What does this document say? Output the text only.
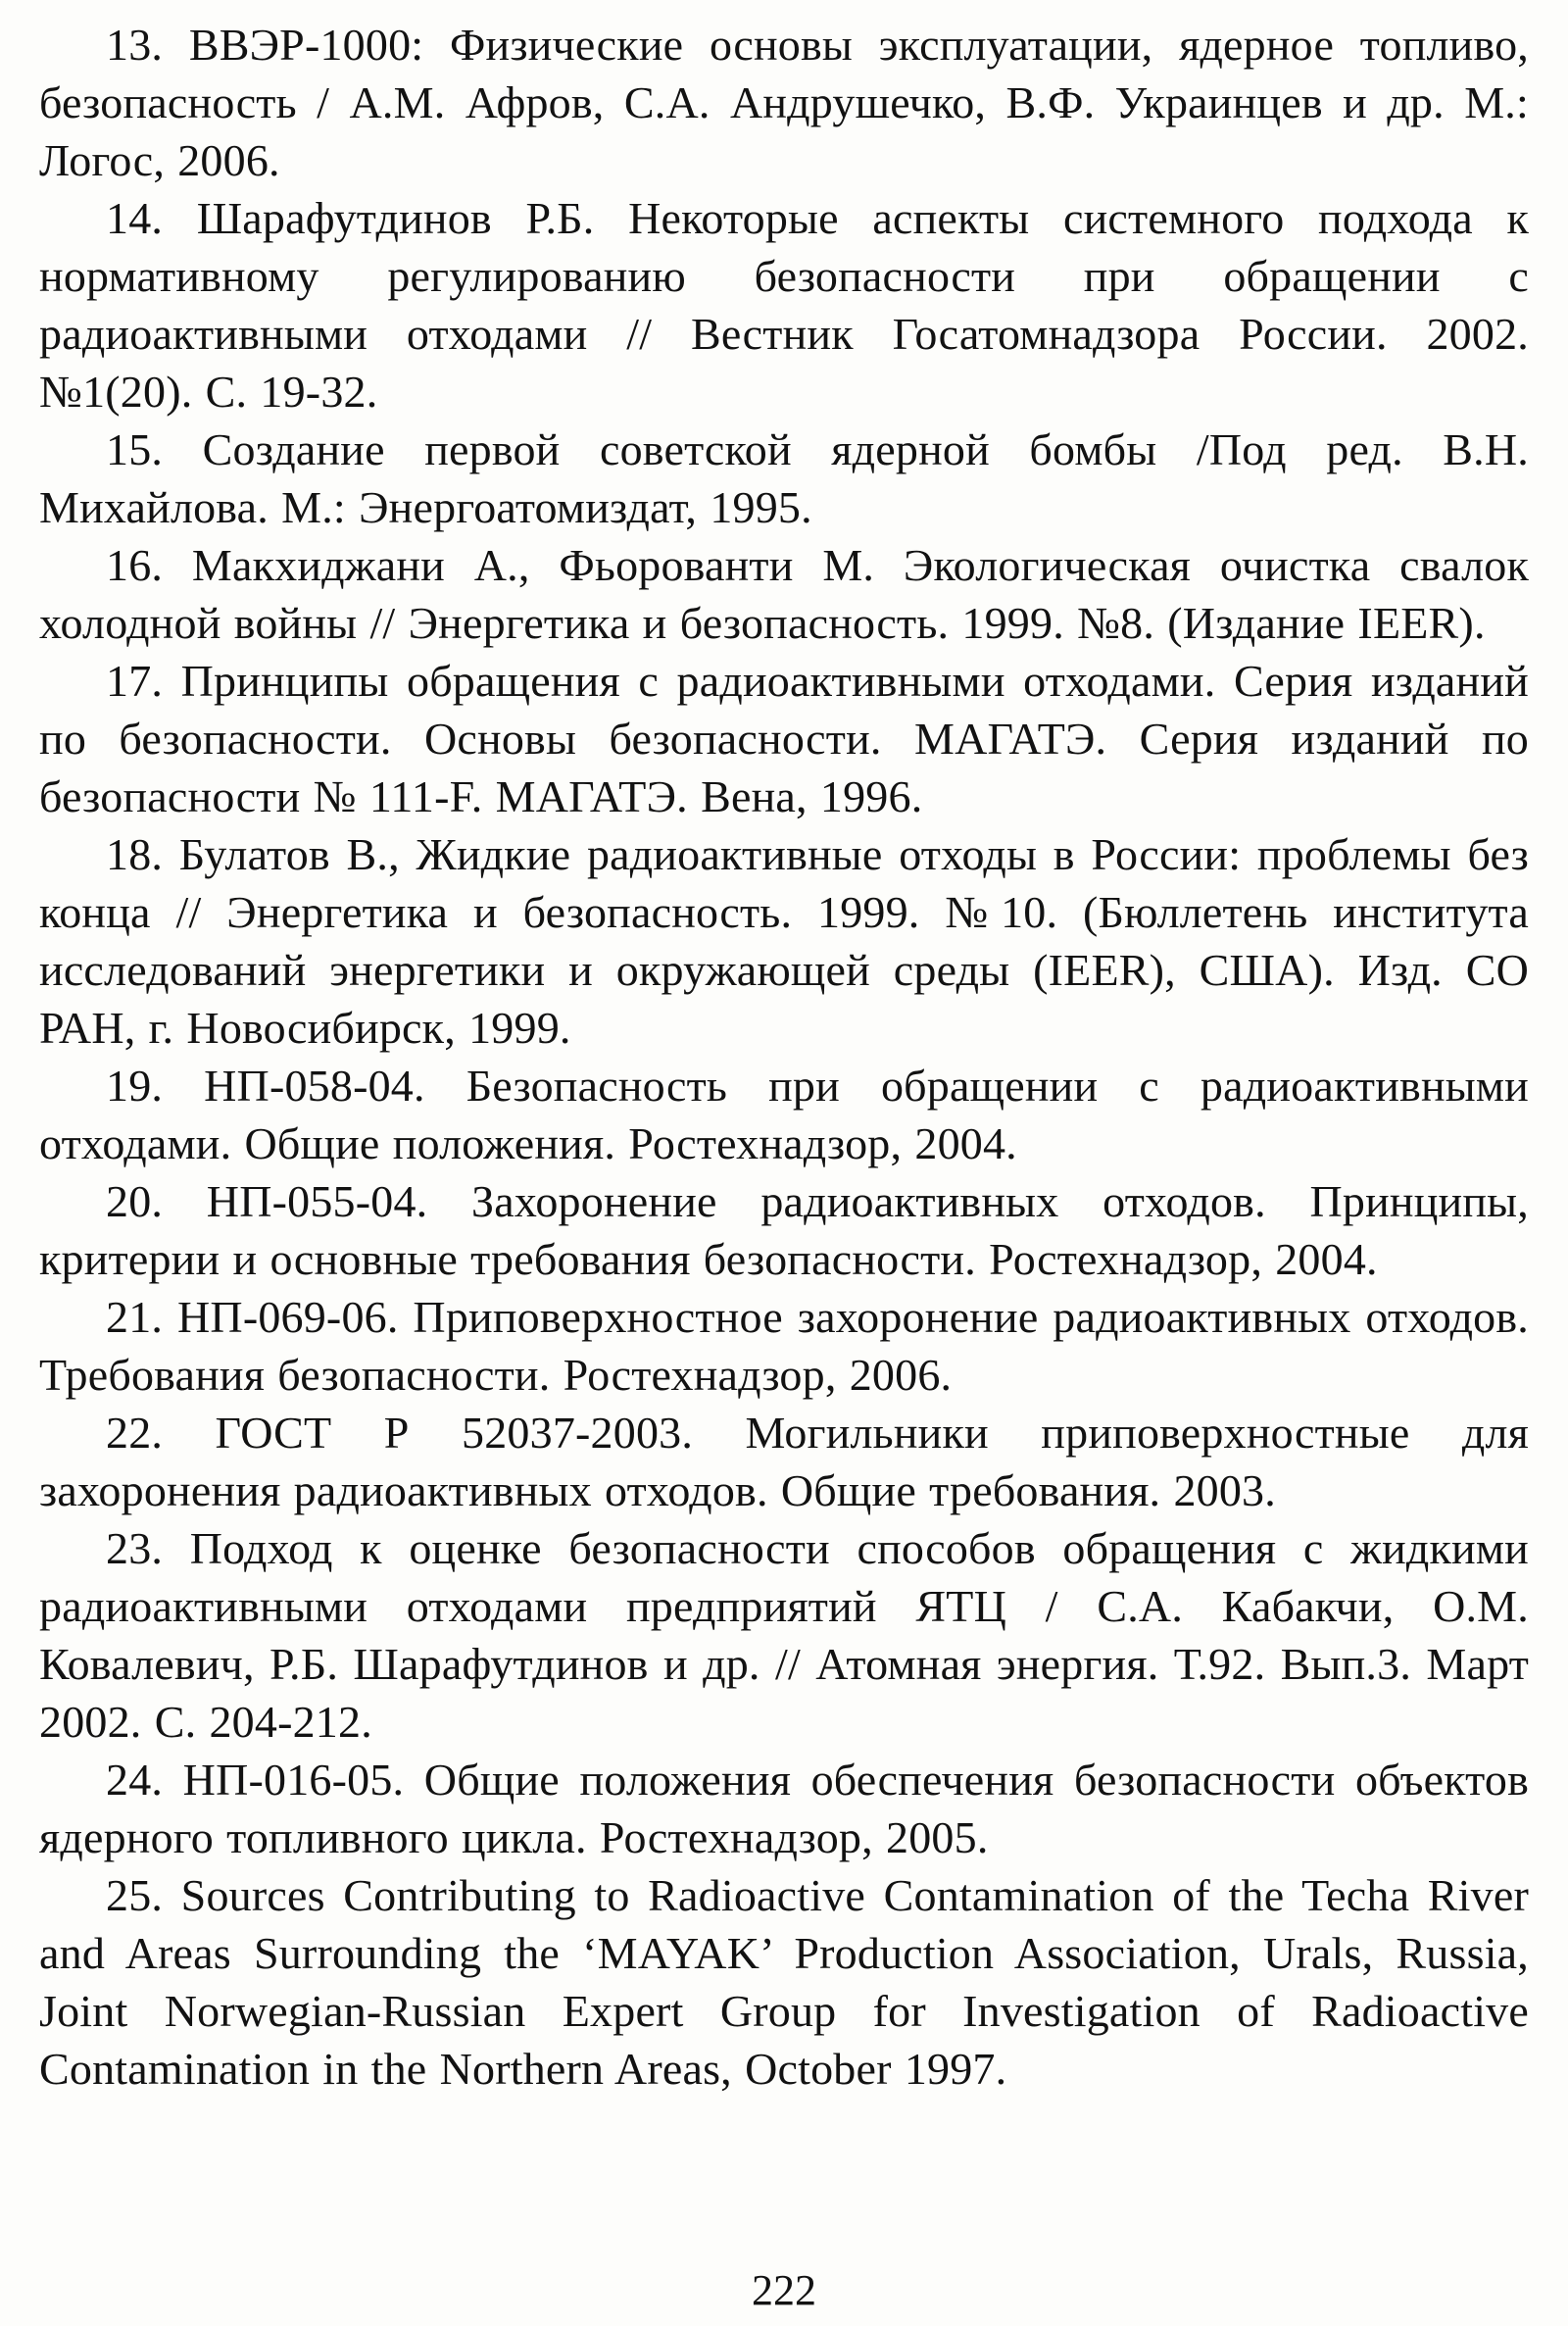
13. ВВЭР-1000: Физические основы эксплуатации, ядерное топливо, безопасность / А.М. Афров, С.А. Андрушечко, В.Ф. Украинцев и др. М.: Логос, 2006.

14. Шарафутдинов Р.Б. Некоторые аспекты системного подхода к нормативному регулированию безопасности при обращении с радиоактивными отходами // Вестник Госатомнадзора России. 2002. №1(20). С. 19-32.

15. Создание первой советской ядерной бомбы /Под ред. В.Н. Михайлова. М.: Энергоатомиздат, 1995.

16. Макхиджани А., Фьорованти М. Экологическая очистка свалок холодной войны // Энергетика и безопасность. 1999. №8. (Издание IEER).

17. Принципы обращения с радиоактивными отходами. Серия изданий по безопасности. Основы безопасности. МАГАТЭ. Серия изданий по безопасности № 111-F. МАГАТЭ. Вена, 1996.

18. Булатов В., Жидкие радиоактивные отходы в России: проблемы без конца // Энергетика и безопасность. 1999. №10. (Бюллетень института исследований энергетики и окружающей среды (IEER), США). Изд. СО РАН, г. Новосибирск, 1999.

19. НП-058-04. Безопасность при обращении с радиоактивными отходами. Общие положения. Ростехнадзор, 2004.

20. НП-055-04. Захоронение радиоактивных отходов. Принципы, критерии и основные требования безопасности. Ростехнадзор, 2004.

21. НП-069-06. Приповерхностное захоронение радиоактивных отходов. Требования безопасности. Ростехнадзор, 2006.

22. ГОСТ Р 52037-2003. Могильники приповерхностные для захоронения радиоактивных отходов. Общие требования. 2003.

23. Подход к оценке безопасности способов обращения с жидкими радиоактивными отходами предприятий ЯТЦ / С.А. Кабакчи, О.М. Ковалевич, Р.Б. Шарафутдинов и др. // Атомная энергия. Т.92. Вып.3. Март 2002. С. 204-212.

24. НП-016-05. Общие положения обеспечения безопасности объектов ядерного топливного цикла. Ростехнадзор, 2005.

25. Sources Contributing to Radioactive Contamination of the Techa River and Areas Surrounding the ‘MAYAK’ Production Association, Urals, Russia, Joint Norwegian-Russian Expert Group for Investigation of Radioactive Contamination in the Northern Areas, October 1997.

222
